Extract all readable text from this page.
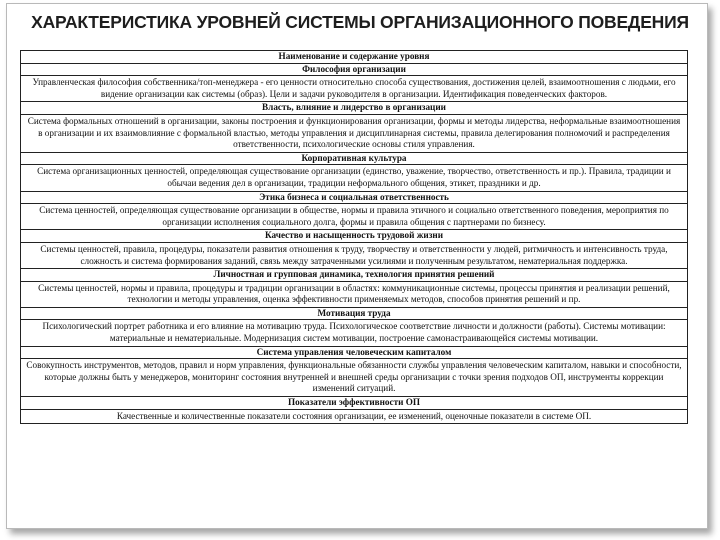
ХАРАКТЕРИСТИКА УРОВНЕЙ СИСТЕМЫ ОРГАНИЗАЦИОННОГО ПОВЕДЕНИЯ
Наименование и содержание уровня
Философия организации
Управленческая философия собственника/топ-менеджера - его ценности относительно способа существования, достижения целей, взаимоотношения с людьми, его видение организации как системы (образ). Цели и задачи руководителя в организации. Идентификация поведенческих факторов.
Власть, влияние и лидерство в организации
Система формальных отношений в организации, законы построения и функционирования организации, формы и методы лидерства, неформальные взаимоотношения в организации и их взаимовлияние с формальной властью, методы управления и дисциплинарная системы, правила делегирования полномочий и распределения ответственности, психологические основы стиля управления.
Корпоративная культура
Система организационных ценностей, определяющая существование организации (единство, уважение, творчество, ответственность и пр.). Правила, традиции и обычаи ведения дел в организации, традиции неформального общения, этикет, праздники и др.
Этика бизнеса и социальная ответственность
Система ценностей, определяющая существование организации в обществе, нормы и правила этичного и социально ответственного поведения, мероприятия по организации исполнения социального долга, формы и правила общения с партнерами по бизнесу.
Качество и насыщенность трудовой жизни
Системы ценностей, правила, процедуры, показатели развития отношения к труду, творчеству и ответственности у людей, ритмичность и интенсивность труда, сложность и система формирования заданий, связь между затраченными усилиями и полученным результатом, нематериальная поддержка.
Личностная и групповая динамика, технология принятия решений
Системы ценностей, нормы и правила, процедуры и традиции организации в областях: коммуникационные системы, процессы принятия и реализации решений, технологии и методы управления, оценка эффективности применяемых методов, способов принятия решений и пр.
Мотивация труда
Психологический портрет работника и его влияние на мотивацию труда. Психологическое соответствие личности и должности (работы). Системы мотивации: материальные и нематериальные. Модернизация систем мотивации, построение самонастраивающейся системы мотивации.
Система управления человеческим капиталом
Совокупность инструментов, методов, правил и норм управления, функциональные обязанности службы управления человеческим капиталом, навыки и способности, которые должны быть у менеджеров, мониторинг состояния внутренней и внешней среды организации с точки зрения подходов ОП, инструменты коррекции изменений ситуаций.
Показатели эффективности ОП
Качественные и количественные показатели состояния организации, ее изменений, оценочные показатели в системе ОП.
